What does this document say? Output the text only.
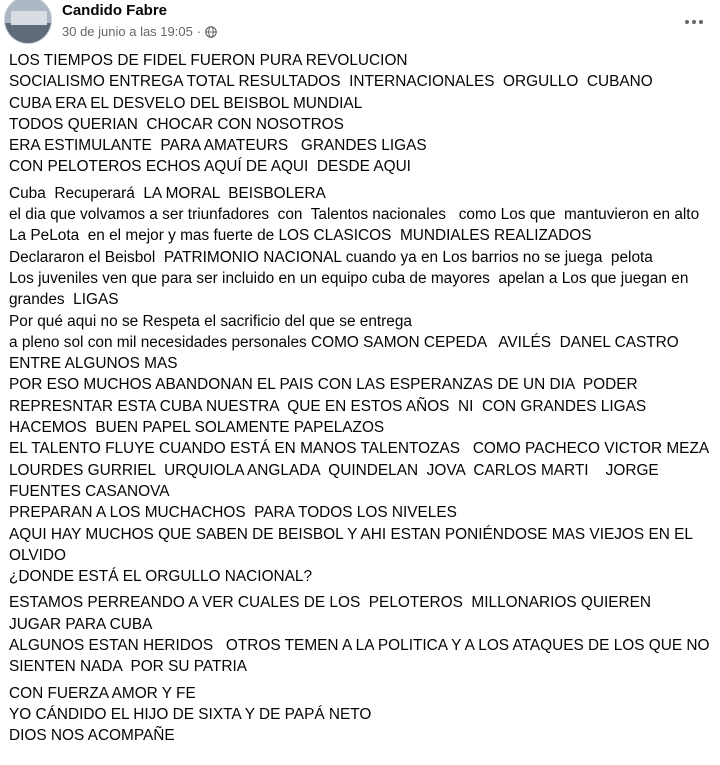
Candido Fabre
30 de junio a las 19:05 ·
LOS TIEMPOS DE FIDEL FUERON PURA REVOLUCION
SOCIALISMO ENTREGA TOTAL RESULTADOS  INTERNACIONALES  ORGULLO  CUBANO
CUBA ERA EL DESVELO DEL BEISBOL MUNDIAL
TODOS QUERIAN  CHOCAR CON NOSOTROS
ERA ESTIMULANTE  PARA AMATEURS   GRANDES LIGAS
CON PELOTEROS ECHOS AQUÍ DE AQUI  DESDE AQUI
Cuba  Recuperará  LA MORAL  BEISBOLERA
el dia que volvamos a ser triunfadores  con  Talentos nacionales   como Los que  mantuvieron en alto La PeLota  en el mejor y mas fuerte de LOS CLASICOS  MUNDIALES REALIZADOS
Declararon el Beisbol  PATRIMONIO NACIONAL cuando ya en Los barrios no se juega  pelota
Los juveniles ven que para ser incluido en un equipo cuba de mayores  apelan a Los que juegan en grandes  LIGAS
Por qué aqui no se Respeta el sacrificio del que se entrega
a pleno sol con mil necesidades personales COMO SAMON CEPEDA   AVILÉS  DANEL CASTRO  ENTRE ALGUNOS MAS
POR ESO MUCHOS ABANDONAN EL PAIS CON LAS ESPERANZAS DE UN DIA  PODER REPRESNTAR ESTA CUBA NUESTRA  QUE EN ESTOS AÑOS  NI  CON GRANDES LIGAS  HACEMOS  BUEN PAPEL SOLAMENTE PAPELAZOS
EL TALENTO FLUYE CUANDO ESTÁ EN MANOS TALENTOZAS   COMO PACHECO VICTOR MEZA LOURDES GURRIEL  URQUIOLA ANGLADA  QUINDELAN  JOVA  CARLOS MARTI    JORGE FUENTES CASANOVA
PREPARAN A LOS MUCHACHOS  PARA TODOS LOS NIVELES
AQUI HAY MUCHOS QUE SABEN DE BEISBOL Y AHI ESTAN PONIÉNDOSE MAS VIEJOS EN EL OLVIDO
¿DONDE ESTÁ EL ORGULLO NACIONAL?
ESTAMOS PERREANDO A VER CUALES DE LOS  PELOTEROS  MILLONARIOS QUIEREN   JUGAR PARA CUBA
ALGUNOS ESTAN HERIDOS   OTROS TEMEN A LA POLITICA Y A LOS ATAQUES DE LOS QUE NO SIENTEN NADA  POR SU PATRIA
CON FUERZA AMOR Y FE
YO CÁNDIDO EL HIJO DE SIXTA Y DE PAPÁ NETO
DIOS NOS ACOMPAÑE
